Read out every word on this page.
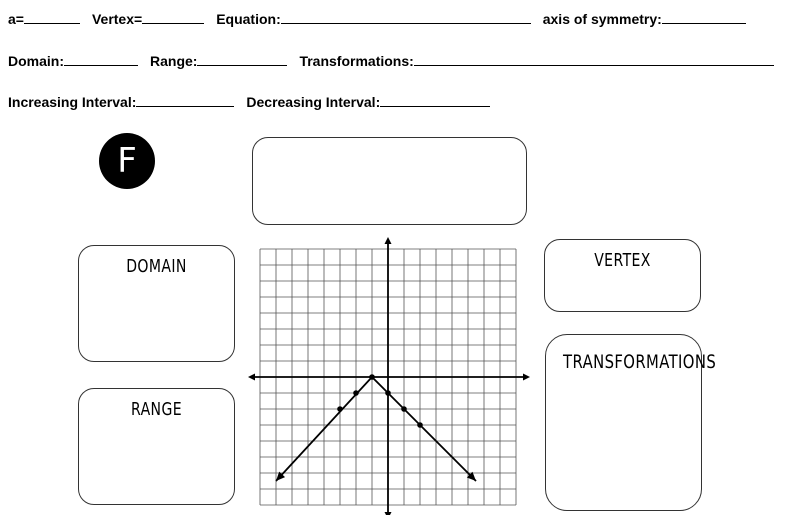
a=	Vertex=	Equation:	axis of symmetry:
Domain:	Range:	Transformations:
Increasing Interval:	Decreasing Interval:
F
DOMAIN
RANGE
VERTEX
TRANSFORMATIONS
